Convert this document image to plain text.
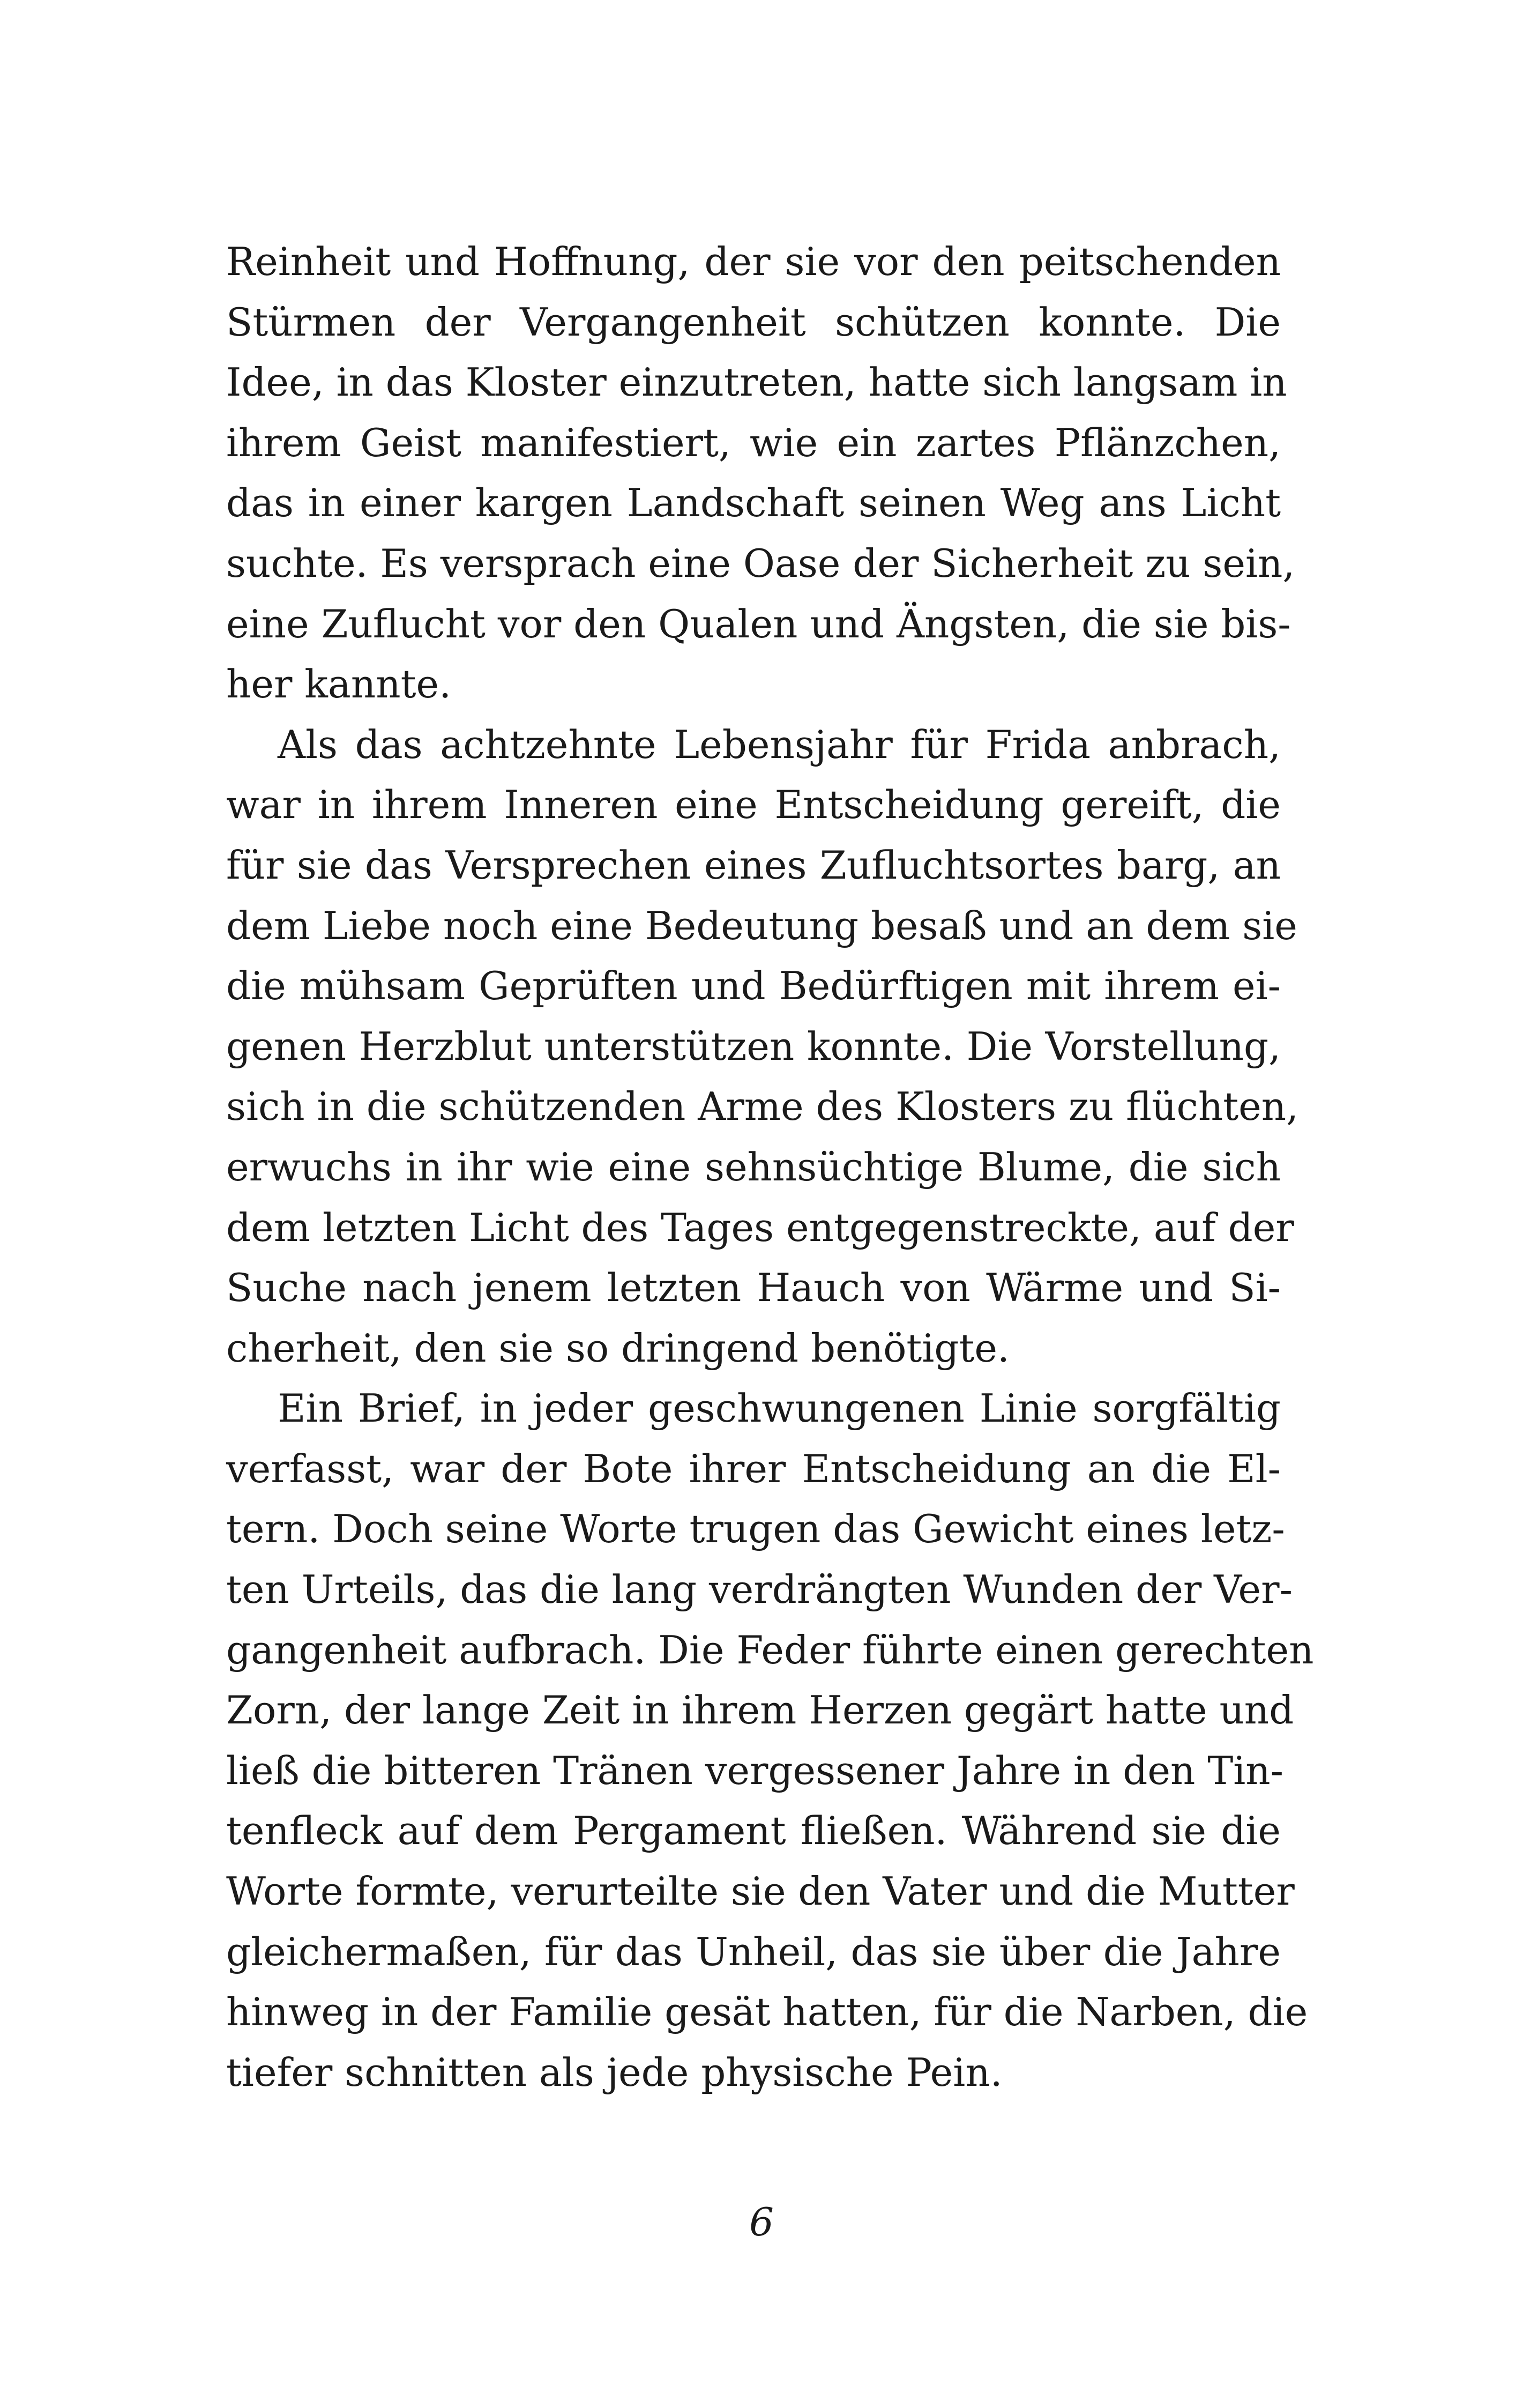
Reinheit und Hoffnung, der sie vor den peitschenden
Stürmen der Vergangenheit schützen konnte. Die
Idee, in das Kloster einzutreten, hatte sich langsam in
ihrem Geist manifestiert, wie ein zartes Pflänzchen,
das in einer kargen Landschaft seinen Weg ans Licht
suchte. Es versprach eine Oase der Sicherheit zu sein,
eine Zuflucht vor den Qualen und Ängsten, die sie bis-
her kannte.
Als das achtzehnte Lebensjahr für Frida anbrach,
war in ihrem Inneren eine Entscheidung gereift, die
für sie das Versprechen eines Zufluchtsortes barg, an
dem Liebe noch eine Bedeutung besaß und an dem sie
die mühsam Geprüften und Bedürftigen mit ihrem ei-
genen Herzblut unterstützen konnte. Die Vorstellung,
sich in die schützenden Arme des Klosters zu flüchten,
erwuchs in ihr wie eine sehnsüchtige Blume, die sich
dem letzten Licht des Tages entgegenstreckte, auf der
Suche nach jenem letzten Hauch von Wärme und Si-
cherheit, den sie so dringend benötigte.
Ein Brief, in jeder geschwungenen Linie sorgfältig
verfasst, war der Bote ihrer Entscheidung an die El-
tern. Doch seine Worte trugen das Gewicht eines letz-
ten Urteils, das die lang verdrängten Wunden der Ver-
gangenheit aufbrach. Die Feder führte einen gerechten
Zorn, der lange Zeit in ihrem Herzen gegärt hatte und
ließ die bitteren Tränen vergessener Jahre in den Tin-
tenfleck auf dem Pergament fließen. Während sie die
Worte formte, verurteilte sie den Vater und die Mutter
gleichermaßen, für das Unheil, das sie über die Jahre
hinweg in der Familie gesät hatten, für die Narben, die
tiefer schnitten als jede physische Pein.
6
